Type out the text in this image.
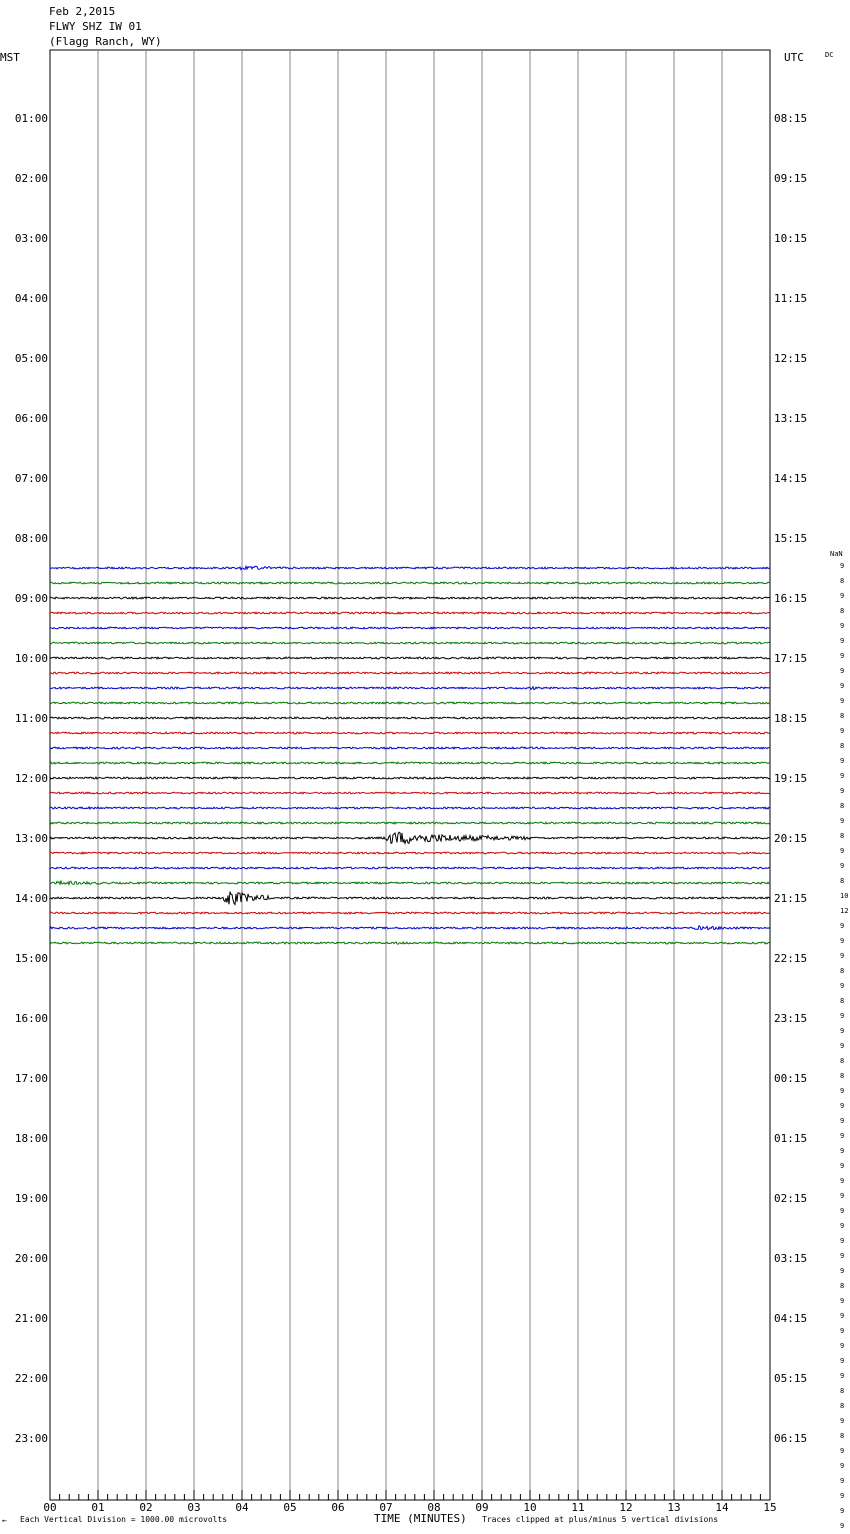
Feb 2,2015
FLWY SHZ IW 01
(Flagg Ranch, WY)
00	01	02	03	04	05	06	07	08	09	10	11	12	13	14	15
MST	UTC	DC
NaN
01:00
02:00
03:00
04:00
05:00
06:00
07:00
08:00
09:00
10:00
11:00
12:00
13:00
14:00
15:00
16:00
17:00
18:00
19:00
20:00
21:00
22:00
23:00
08:15
09:15
10:15
11:15
12:15
13:15
14:15
15:15
16:15
17:15
18:15
19:15
20:15
21:15
22:15
23:15
00:15
01:15
02:15
03:15
04:15
05:15
06:15
9
8
9
8
9
9
9
9
9
9
8
9
8
9
9
9
8
9
8
9
9
8
10
12
9
9
9
8
9
8
9
9
9
8
8
9
9
9
9
9
9
9
9
9
9
9
9
9
8
9
9
9
9
9
9
8
8
9
8
9
9
9
9
9
9
← Each Vertical Division = 1000.00 microvolts	TIME (MINUTES) Traces clipped at plus/minus 5 vertical divisions
